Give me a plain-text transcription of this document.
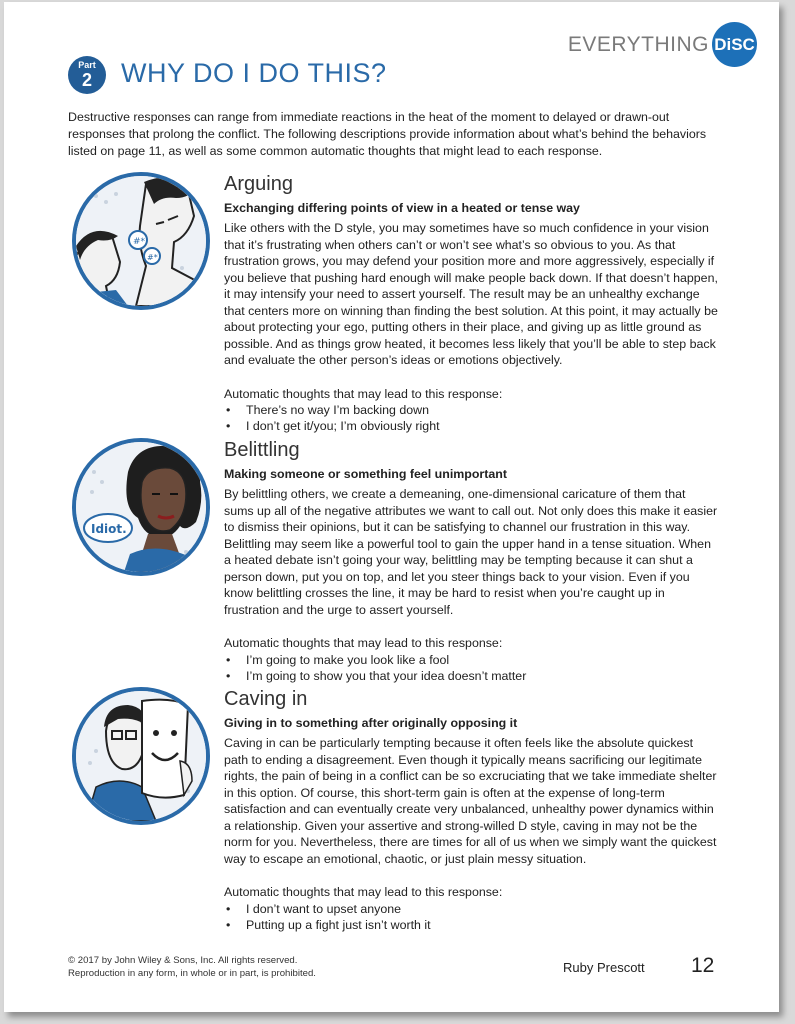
EVERYTHING DiSC
Part
2 WHY DO I DO THIS?

Destructive responses can range from immediate reactions in the heat of the moment to delayed or drawn-out responses that prolong the conflict. The following descriptions provide information about what’s behind the behaviors listed on page 11, as well as some common automatic thoughts that might lead to each response.

#*
#*
Arguing
Exchanging differing points of view in a heated or tense way

Like others with the D style, you may sometimes have so much confidence in your vision that it’s frustrating when others can’t or won’t see what’s so obvious to you. As that frustration grows, you may defend your position more and more aggressively, especially if you believe that pushing hard enough will make people back down. If that doesn’t happen, it may intensify your need to assert yourself. The result may be an unhealthy exchange that centers more on winning than finding the best solution. At this point, it may actually be about protecting your ego, putting others in their place, and giving up as little ground as possible. And as things grow heated, it becomes less likely that you’ll be able to step back and evaluate the other person’s ideas or emotions objectively.

Automatic thoughts that may lead to this response:

• There’s no way I’m backing down
• I don’t get it/you; I’m obviously right
Idiot.
Belittling
Making someone or something feel unimportant

By belittling others, we create a demeaning, one-dimensional caricature of them that sums up all of the negative attributes we want to call out. Not only does this make it easier to dismiss their opinions, but it can be satisfying to channel our frustration in this way. Belittling may seem like a powerful tool to gain the upper hand in a tense situation. When a heated debate isn’t going your way, belittling may be tempting because it can shut a person down, put you on top, and let you steer things back to your vision. Even if you know belittling crosses the line, it may be hard to resist when you’re caught up in frustration and the urge to assert yourself.

Automatic thoughts that may lead to this response:

• I’m going to make you look like a fool
• I’m going to show you that your idea doesn’t matter
Caving in
Giving in to something after originally opposing it

Caving in can be particularly tempting because it often feels like the absolute quickest path to ending a disagreement. Even though it typically means sacrificing our legitimate rights, the pain of being in a conflict can be so excruciating that we take immediate shelter in this option. Of course, this short-term gain is often at the expense of long-term satisfaction and can eventually create very unbalanced, unhealthy power dynamics within a relationship. Given your assertive and strong-willed D style, caving in may not be the norm for you. Nevertheless, there are times for all of us when we simply want the quickest way to escape an emotional, chaotic, or just plain messy situation.

Automatic thoughts that may lead to this response:

• I don’t want to upset anyone
• Putting up a fight just isn’t worth it
© 2017 by John Wiley & Sons, Inc. All rights reserved.
Reproduction in any form, in whole or in part, is prohibited.	Ruby Prescott 12
